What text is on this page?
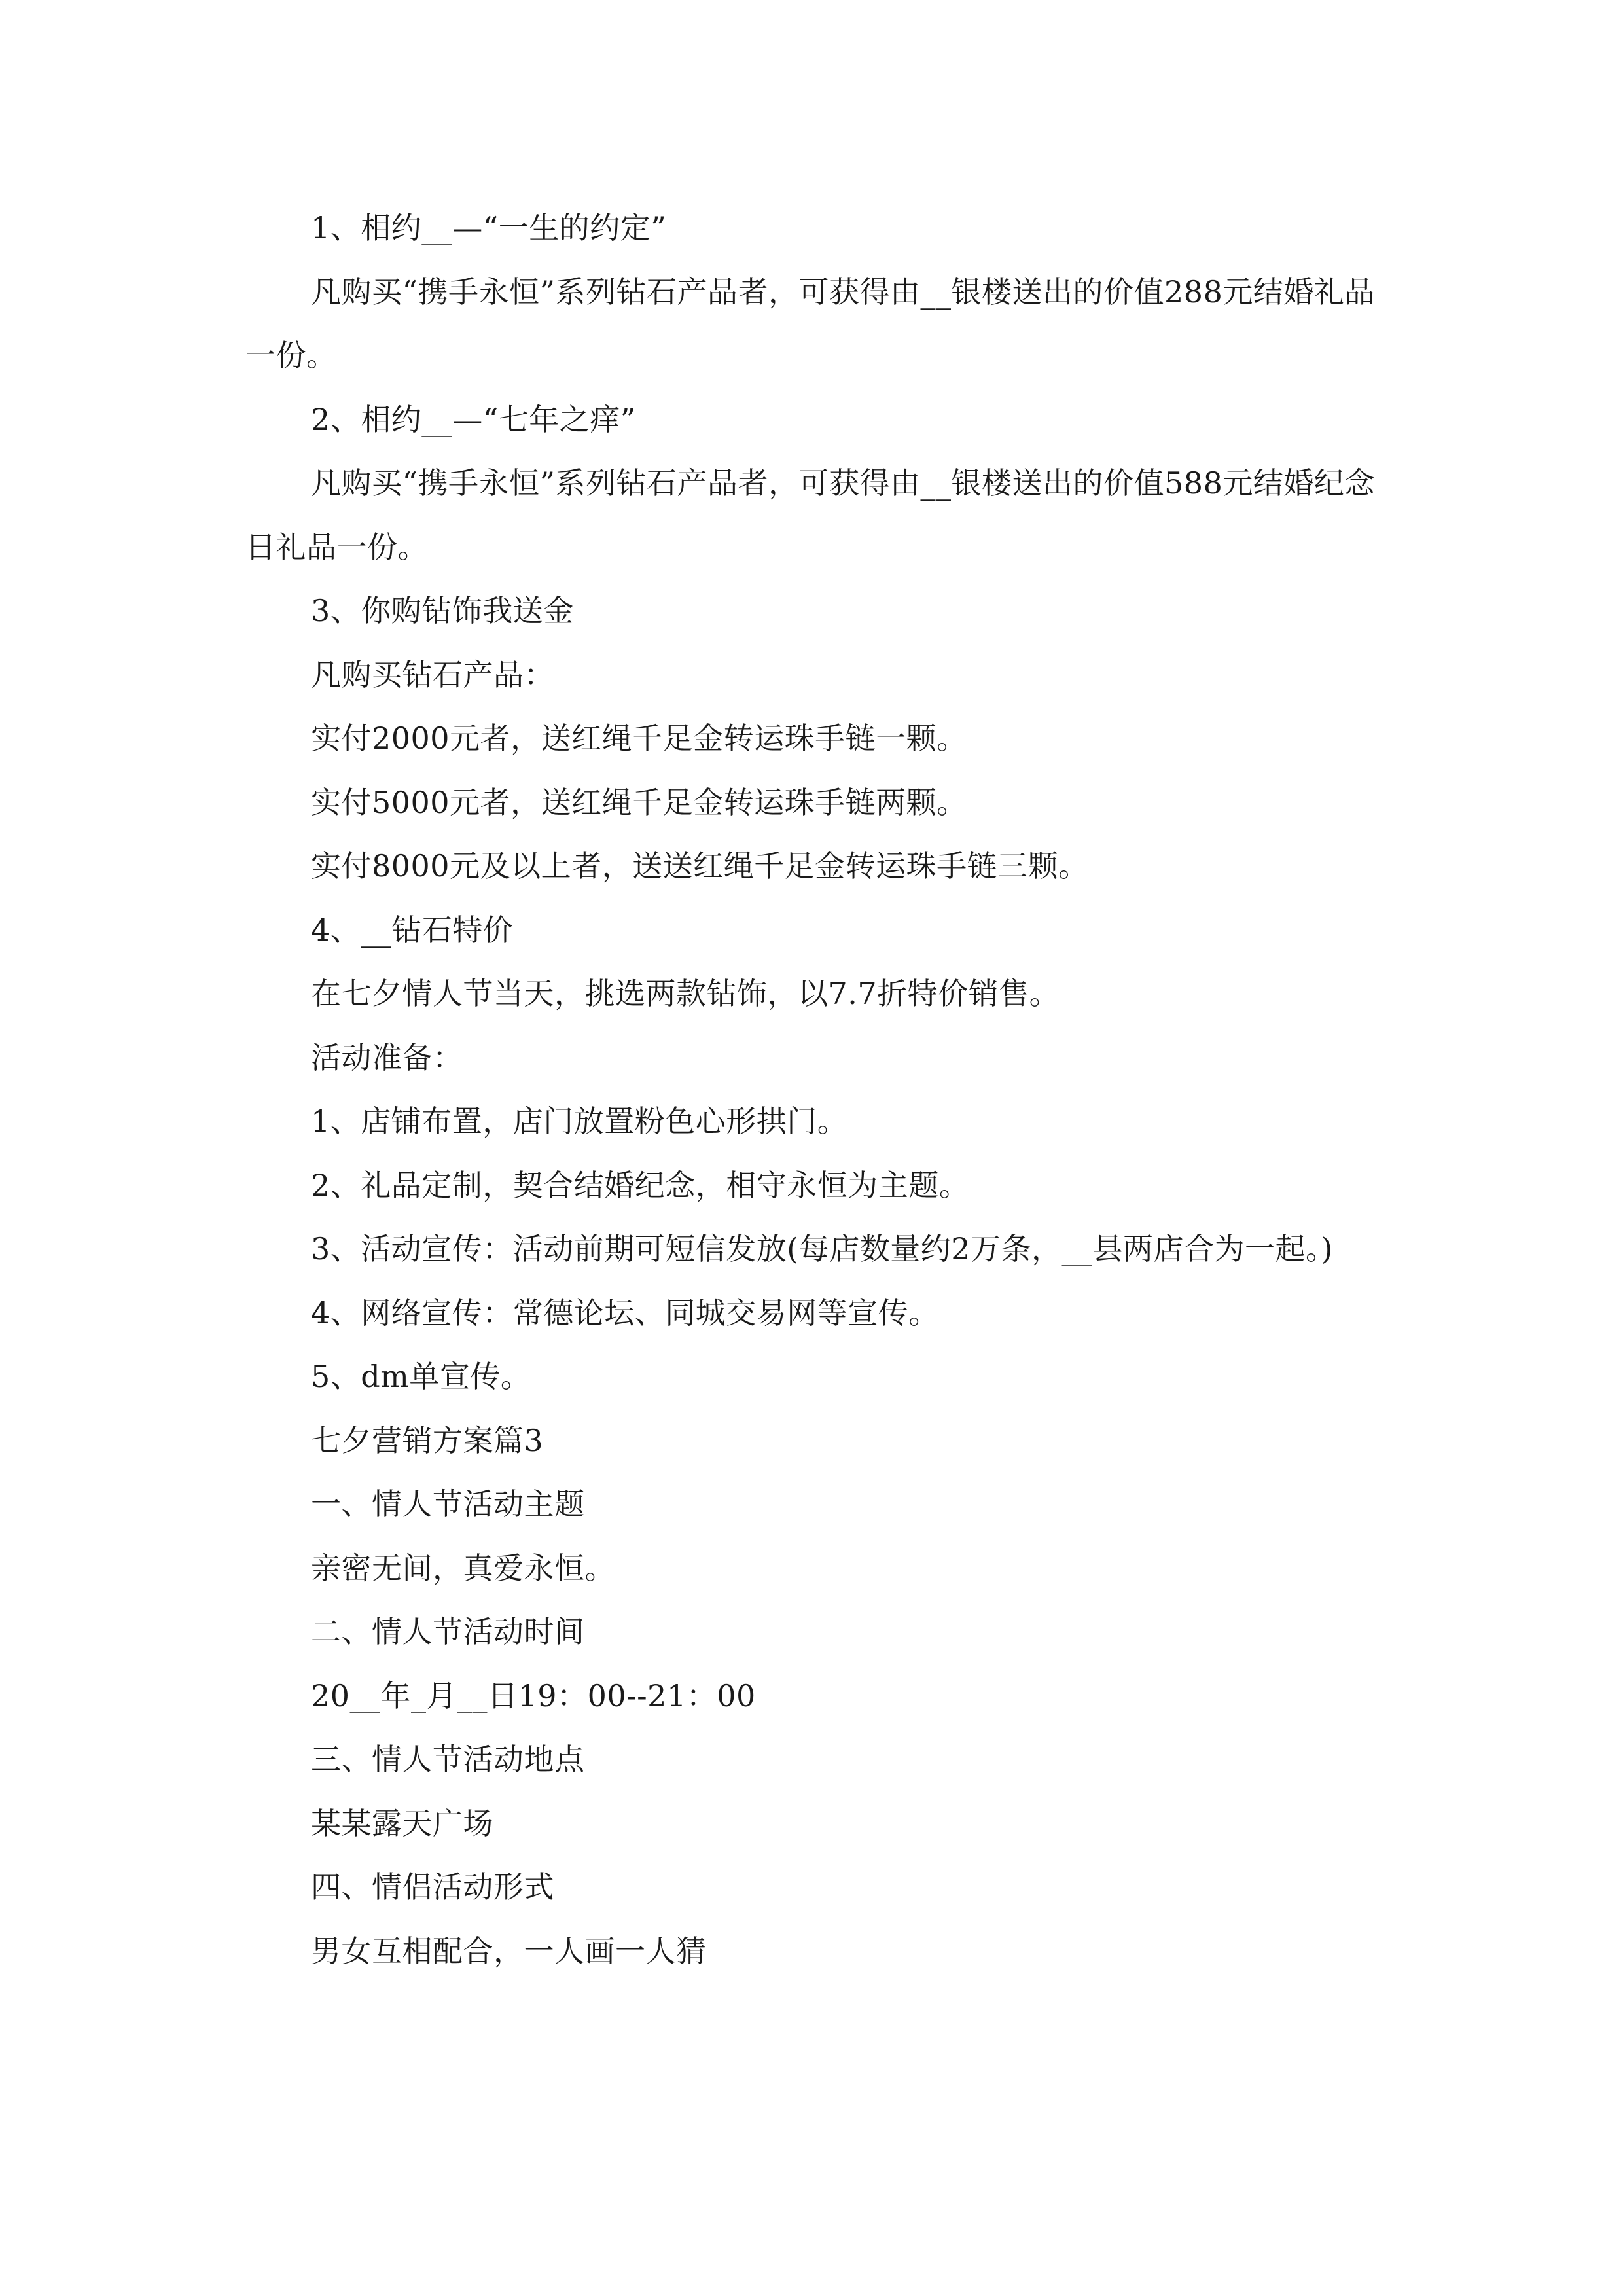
1、相约__—“一生的约定”

凡购买“携手永恒”系列钻石产品者，可获得由__银楼送出的价值288元结婚礼品一份。

2、相约__—“七年之痒”

凡购买“携手永恒”系列钻石产品者，可获得由__银楼送出的价值588元结婚纪念日礼品一份。

3、你购钻饰我送金

凡购买钻石产品：

实付2000元者，送红绳千足金转运珠手链一颗。

实付5000元者，送红绳千足金转运珠手链两颗。

实付8000元及以上者，送送红绳千足金转运珠手链三颗。

4、__钻石特价

在七夕情人节当天，挑选两款钻饰，以7.7折特价销售。

活动准备：

1、店铺布置，店门放置粉色心形拱门。

2、礼品定制，契合结婚纪念，相守永恒为主题。

3、活动宣传：活动前期可短信发放(每店数量约2万条，__县两店合为一起。)

4、网络宣传：常德论坛、同城交易网等宣传。

5、dm单宣传。

七夕营销方案篇3

一、情人节活动主题

亲密无间，真爱永恒。

二、情人节活动时间

20__年_月__日19：00--21：00

三、情人节活动地点

某某露天广场

四、情侣活动形式

男女互相配合，一人画一人猜
